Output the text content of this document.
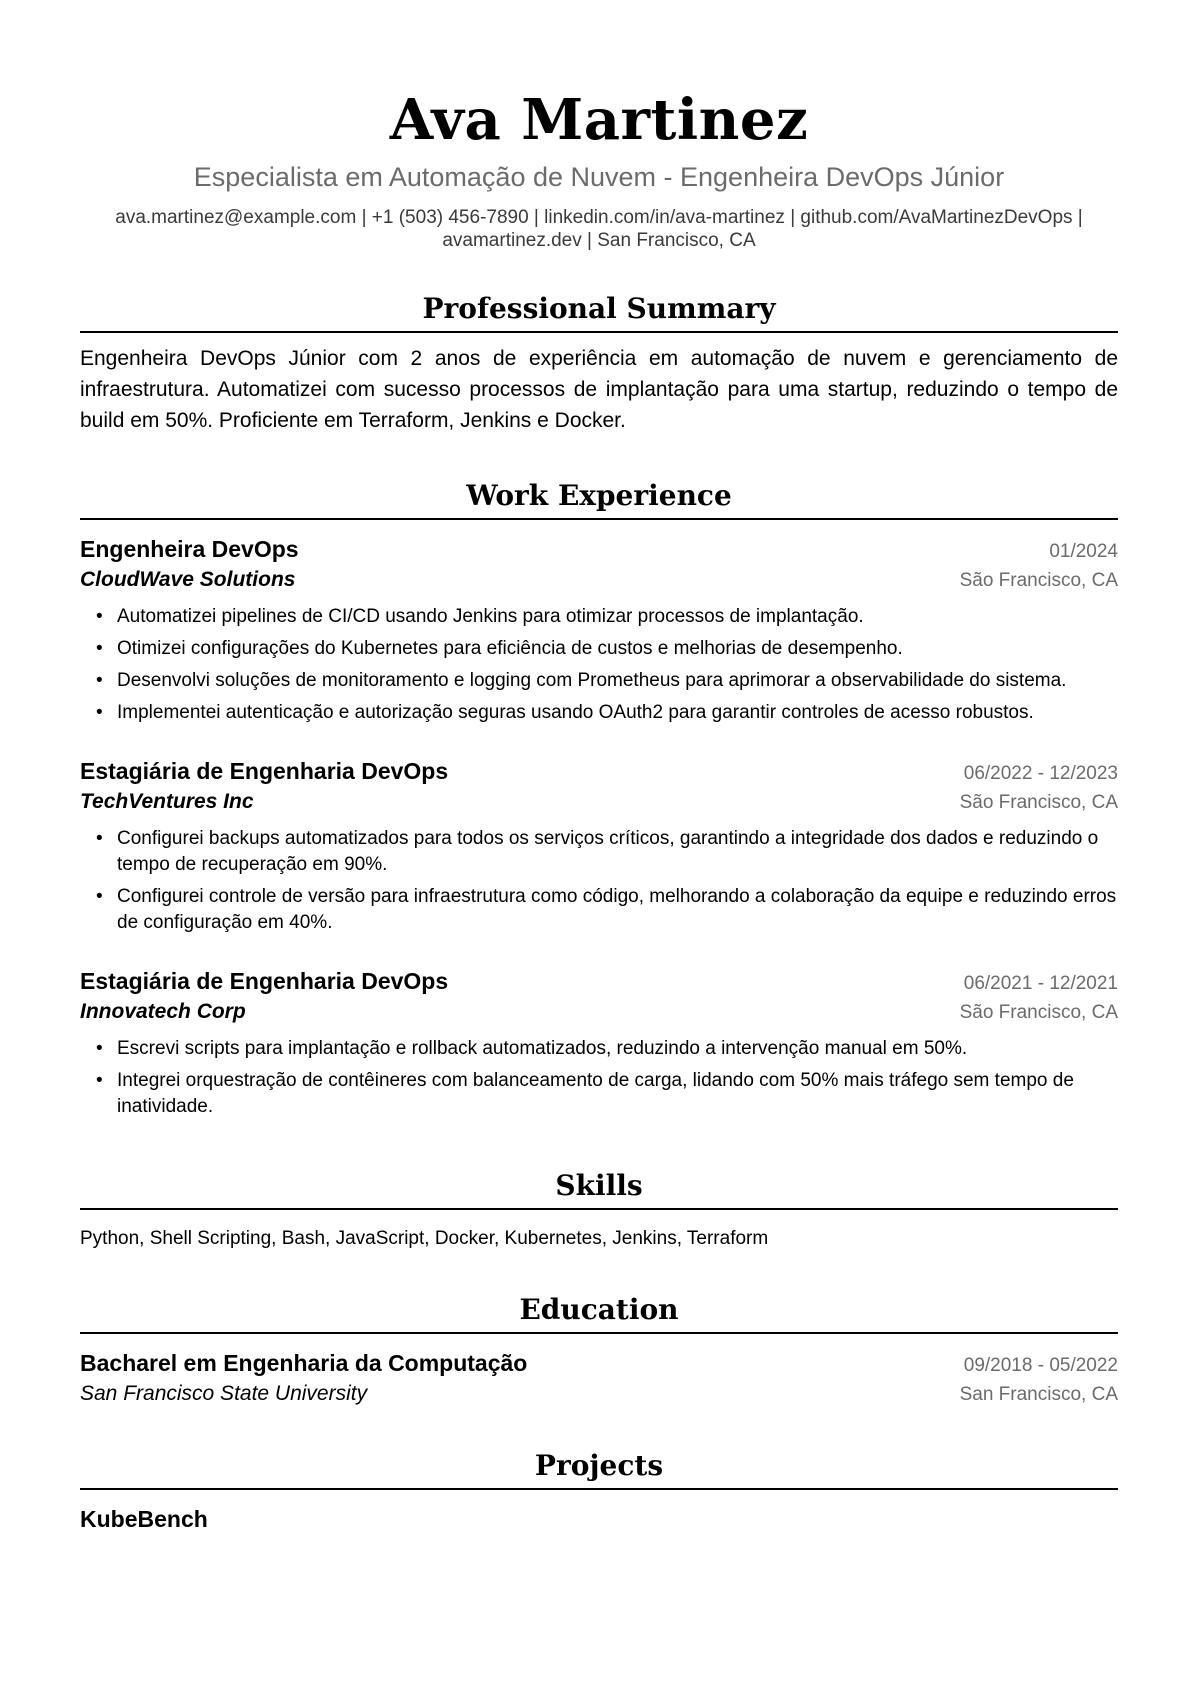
Ava Martinez
Especialista em Automação de Nuvem - Engenheira DevOps Júnior
ava.martinez@example.com | +1 (503) 456-7890 | linkedin.com/in/ava-martinez | github.com/AvaMartinezDevOps |
avamartinez.dev | San Francisco, CA
Professional Summary
Engenheira DevOps Júnior com 2 anos de experiência em automação de nuvem e gerenciamento de infraestrutura. Automatizei com sucesso processos de implantação para uma startup, reduzindo o tempo de build em 50%. Proficiente em Terraform, Jenkins e Docker.
Work Experience
Engenheira DevOps	01/2024
CloudWave Solutions	São Francisco, CA
• Automatizei pipelines de CI/CD usando Jenkins para otimizar processos de implantação.
• Otimizei configurações do Kubernetes para eficiência de custos e melhorias de desempenho.
• Desenvolvi soluções de monitoramento e logging com Prometheus para aprimorar a observabilidade do sistema.
• Implementei autenticação e autorização seguras usando OAuth2 para garantir controles de acesso robustos.
Estagiária de Engenharia DevOps	06/2022 - 12/2023
TechVentures Inc	São Francisco, CA
• Configurei backups automatizados para todos os serviços críticos, garantindo a integridade dos dados e reduzindo o tempo de recuperação em 90%.
• Configurei controle de versão para infraestrutura como código, melhorando a colaboração da equipe e reduzindo erros de configuração em 40%.
Estagiária de Engenharia DevOps	06/2021 - 12/2021
Innovatech Corp	São Francisco, CA
• Escrevi scripts para implantação e rollback automatizados, reduzindo a intervenção manual em 50%.
• Integrei orquestração de contêineres com balanceamento de carga, lidando com 50% mais tráfego sem tempo de inatividade.
Skills
Python, Shell Scripting, Bash, JavaScript, Docker, Kubernetes, Jenkins, Terraform
Education
Bacharel em Engenharia da Computação	09/2018 - 05/2022
San Francisco State University	San Francisco, CA
Projects
KubeBench
